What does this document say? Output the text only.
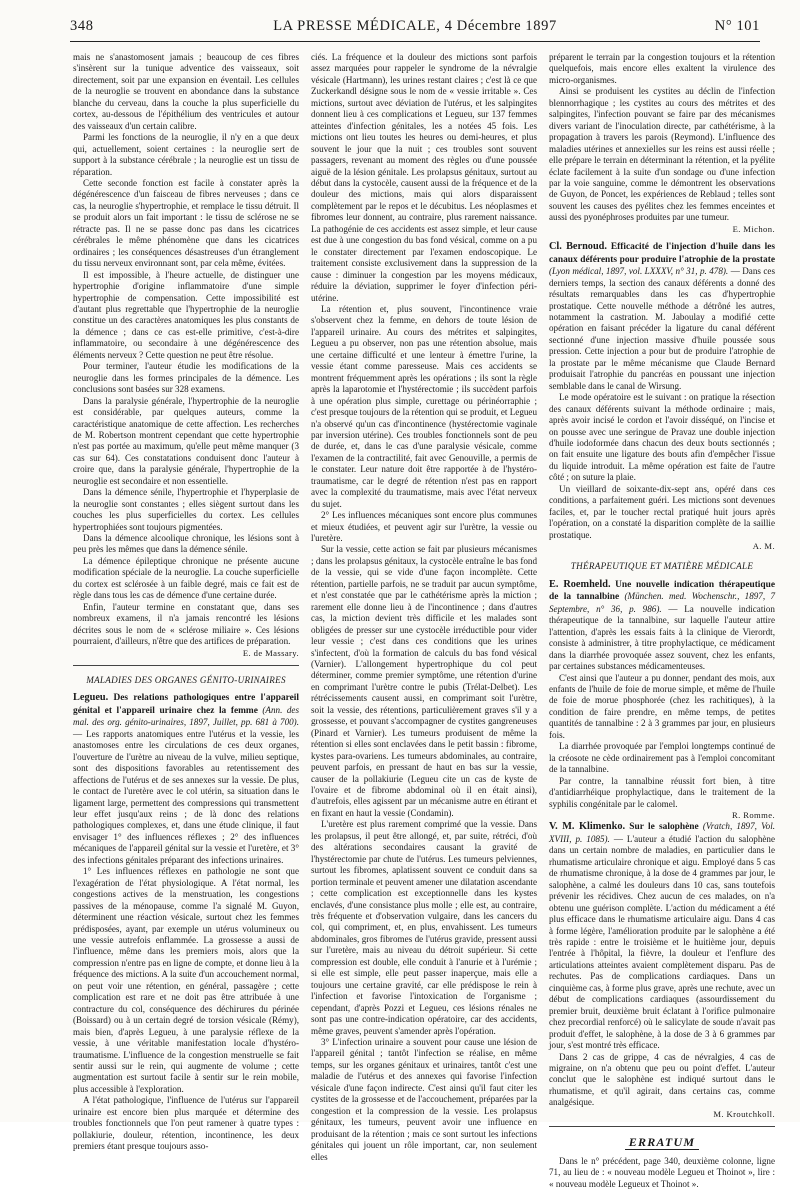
348	LA PRESSE MÉDICALE, 4 Décembre 1897	N° 101

mais ne s'anastomosent jamais ; beaucoup de ces fibres s'insèrent sur la tunique adventice des vaisseaux, soit directement, soit par une expansion en éventail. Les cellules de la neuroglie se trouvent en abondance dans la substance blanche du cerveau, dans la couche la plus superficielle du cortex, au-dessous de l'épithélium des ventricules et autour des vaisseaux d'un certain calibre.

Parmi les fonctions de la neuroglie, il n'y en a que deux qui, actuellement, soient certaines : la neuroglie sert de support à la substance cérébrale ; la neuroglie est un tissu de réparation.

Cette seconde fonction est facile à constater après la dégénérescence d'un faisceau de fibres nerveuses ; dans ce cas, la neuroglie s'hypertrophie, et remplace le tissu détruit. Il se produit alors un fait important : le tissu de sclérose ne se rétracte pas. Il ne se passe donc pas dans les cicatrices cérébrales le même phénomène que dans les cicatrices ordinaires ; les conséquences désastreuses d'un étranglement du tissu nerveux environnant sont, par cela même, évitées.

Il est impossible, à l'heure actuelle, de distinguer une hypertrophie d'origine inflammatoire d'une simple hypertrophie de compensation. Cette impossibilité est d'autant plus regrettable que l'hypertrophie de la neuroglie constitue un des caractères anatomiques les plus constants de la démence ; dans ce cas est-elle primitive, c'est-à-dire inflammatoire, ou secondaire à une dégénérescence des éléments nerveux ? Cette question ne peut être résolue.

Pour terminer, l'auteur étudie les modifications de la neuroglie dans les formes principales de la démence. Les conclusions sont basées sur 328 examens.

Dans la paralysie générale, l'hypertrophie de la neuroglie est considérable, par quelques auteurs, comme la caractéristique anatomique de cette affection. Les recherches de M. Robertson montrent cependant que cette hypertrophie n'est pas portée au maximum, qu'elle peut même manquer (3 cas sur 64). Ces constatations conduisent donc l'auteur à croire que, dans la paralysie générale, l'hypertrophie de la neuroglie est secondaire et non essentielle.

Dans la démence sénile, l'hypertrophie et l'hyperplasie de la neuroglie sont constantes ; elles siègent surtout dans les couches les plus superficielles du cortex. Les cellules hypertrophiées sont toujours pigmentées.

Dans la démence alcoolique chronique, les lésions sont à peu près les mêmes que dans la démence sénile.

La démence épileptique chronique ne présente aucune modification spéciale de la neuroglie. La couche superficielle du cortex est sclérosée à un faible degré, mais ce fait est de règle dans tous les cas de démence d'une certaine durée.

Enfin, l'auteur termine en constatant que, dans ses nombreux examens, il n'a jamais rencontré les lésions décrites sous le nom de « sclérose miliaire ». Ces lésions pourraient, d'ailleurs, n'être que des artifices de préparation.

E. de Massary.

MALADIES DES ORGANES GÉNITO-URINAIRES

Legueu. Des relations pathologiques entre l'appareil génital et l'appareil urinaire chez la femme (Ann. des mal. des org. génito-urinaires, 1897, Juillet, pp. 681 à 700). — Les rapports anatomiques entre l'utérus et la vessie, les anastomoses entre les circulations de ces deux organes, l'ouverture de l'urètre au niveau de la vulve, milieu septique, sont des dispositions favorables au retentissement des affections de l'utérus et de ses annexes sur la vessie. De plus, le contact de l'uretère avec le col utérin, sa situation dans le ligament large, permettent des compressions qui transmettent leur effet jusqu'aux reins ; de là donc des relations pathologiques complexes, et, dans une étude clinique, il faut envisager 1° des influences réflexes ; 2° des influences mécaniques de l'appareil génital sur la vessie et l'uretère, et 3° des infections génitales préparant des infections urinaires.

1° Les influences réflexes en pathologie ne sont que l'exagération de l'état physiologique. A l'état normal, les congestions actives de la menstruation, les congestions passives de la ménopause, comme l'a signalé M. Guyon, déterminent une réaction vésicale, surtout chez les femmes prédisposées, ayant, par exemple un utérus volumineux ou une vessie autrefois enflammée. La grossesse a aussi de l'influence, même dans les premiers mois, alors que la compression n'entre pas en ligne de compte, et donne lieu à la fréquence des mictions. A la suite d'un accouchement normal, on peut voir une rétention, en général, passagère ; cette complication est rare et ne doit pas être attribuée à une contracture du col, conséquence des déchirures du périnée (Boissard) ou à un certain degré de torsion vésicale (Rémy), mais bien, d'après Legueu, à une paralysie réflexe de la vessie, à une véritable manifestation locale d'hystéro-traumatisme. L'influence de la congestion menstruelle se fait sentir aussi sur le rein, qui augmente de volume ; cette augmentation est surtout facile à sentir sur le rein mobile, plus accessible à l'exploration.

A l'état pathologique, l'influence de l'utérus sur l'appareil urinaire est encore bien plus marquée et détermine des troubles fonctionnels que l'on peut ramener à quatre types : pollakiurie, douleur, rétention, incontinence, les deux premiers étant presque toujours asso-

ciés. La fréquence et la douleur des mictions sont parfois assez marquées pour rappeler le syndrome de la névralgie vésicale (Hartmann), les urines restant claires ; c'est là ce que Zuckerkandl désigne sous le nom de « vessie irritable ». Ces mictions, surtout avec déviation de l'utérus, et les salpingites donnent lieu à ces complications et Legueu, sur 137 femmes atteintes d'infection génitales, les a notées 45 fois. Les mictions ont lieu toutes les heures ou demi-heures, et plus souvent le jour que la nuit ; ces troubles sont souvent passagers, revenant au moment des règles ou d'une poussée aiguë de la lésion génitale. Les prolapsus génitaux, surtout au début dans la cystocèle, causent aussi de la fréquence et de la douleur des mictions, mais qui alors disparaissent complètement par le repos et le décubitus. Les néoplasmes et fibromes leur donnent, au contraire, plus rarement naissance. La pathogénie de ces accidents est assez simple, et leur cause est due à une congestion du bas fond vésical, comme on a pu le constater directement par l'examen endoscopique. Le traitement consiste exclusivement dans la suppression de la cause : diminuer la congestion par les moyens médicaux, réduire la déviation, supprimer le foyer d'infection péri-utérine.

La rétention et, plus souvent, l'incontinence vraie s'observent chez la femme, en dehors de toute lésion de l'appareil urinaire. Au cours des métrites et salpingites, Legueu a pu observer, non pas une rétention absolue, mais une certaine difficulté et une lenteur à émettre l'urine, la vessie étant comme paresseuse. Mais ces accidents se montrent fréquemment après les opérations ; ils sont la règle après la laparotomie et l'hystérectomie ; ils succèdent parfois à une opération plus simple, curettage ou périnéorraphie ; c'est presque toujours de la rétention qui se produit, et Legueu n'a observé qu'un cas d'incontinence (hystérectomie vaginale par inversion utérine). Ces troubles fonctionnels sont de peu de durée, et, dans le cas d'une paralysie vésicale, comme l'examen de la contractilité, fait avec Genouville, a permis de le constater. Leur nature doit être rapportée à de l'hystéro-traumatisme, car le degré de rétention n'est pas en rapport avec la complexité du traumatisme, mais avec l'état nerveux du sujet.

2° Les influences mécaniques sont encore plus communes et mieux étudiées, et peuvent agir sur l'urètre, la vessie ou l'uretère.

Sur la vessie, cette action se fait par plusieurs mécanismes ; dans les prolapsus génitaux, la cystocèle entraîne le bas fond de la vessie, qui se vide d'une façon incomplète. Cette rétention, partielle parfois, ne se traduit par aucun symptôme, et n'est constatée que par le cathétérisme après la miction ; rarement elle donne lieu à de l'incontinence ; dans d'autres cas, la miction devient très difficile et les malades sont obligées de presser sur une cystocèle irréductible pour vider leur vessie ; c'est dans ces conditions que les urines s'infectent, d'où la formation de calculs du bas fond vésical (Varnier). L'allongement hypertrophique du col peut déterminer, comme premier symptôme, une rétention d'urine en comprimant l'urètre contre le pubis (Trélat-Delbet). Les rétrécissements causent aussi, en comprimant soit l'urètre, soit la vessie, des rétentions, particulièrement graves s'il y a grossesse, et pouvant s'accompagner de cystites gangreneuses (Pinard et Varnier). Les tumeurs produisent de même la rétention si elles sont enclavées dans le petit bassin : fibrome, kystes para-ovariens. Les tumeurs abdominales, au contraire, peuvent parfois, en pressant de haut en bas sur la vessie, causer de la pollakiurie (Legueu cite un cas de kyste de l'ovaire et de fibrome abdominal où il en était ainsi), d'autrefois, elles agissent par un mécanisme autre en étirant et en fixant en haut la vessie (Condamin).

L'uretère est plus rarement comprimé que la vessie. Dans les prolapsus, il peut être allongé, et, par suite, rétréci, d'où des altérations secondaires causant la gravité de l'hystérectomie par chute de l'utérus. Les tumeurs pelviennes, surtout les fibromes, aplatissent souvent ce conduit dans sa portion terminale et peuvent amener une dilatation ascendante ; cette complication est exceptionnelle dans les kystes enclavés, d'une consistance plus molle ; elle est, au contraire, très fréquente et d'observation vulgaire, dans les cancers du col, qui compriment, et, en plus, envahissent. Les tumeurs abdominales, gros fibromes de l'utérus gravide, pressent aussi sur l'uretère, mais au niveau du détroit supérieur. Si cette compression est double, elle conduit à l'anurie et à l'urémie ; si elle est simple, elle peut passer inaperçue, mais elle a toujours une certaine gravité, car elle prédispose le rein à l'infection et favorise l'intoxication de l'organisme ; cependant, d'après Pozzi et Legueu, ces lésions rénales ne sont pas une contre-indication opératoire, car des accidents, même graves, peuvent s'amender après l'opération.

3° L'infection urinaire a souvent pour cause une lésion de l'appareil génital ; tantôt l'infection se réalise, en même temps, sur les organes génitaux et urinaires, tantôt c'est une maladie de l'utérus et des annexes qui favorise l'infection vésicale d'une façon indirecte. C'est ainsi qu'il faut citer les cystites de la grossesse et de l'accouchement, préparées par la congestion et la compression de la vessie. Les prolapsus génitaux, les tumeurs, peuvent avoir une influence en produisant de la rétention ; mais ce sont surtout les infections génitales qui jouent un rôle important, car, non seulement elles

préparent le terrain par la congestion toujours et la rétention quelquefois, mais encore elles exaltent la virulence des micro-organismes.

Ainsi se produisent les cystites au déclin de l'infection blennorrhagique ; les cystites au cours des métrites et des salpingites, l'infection pouvant se faire par des mécanismes divers variant de l'inoculation directe, par cathétérisme, à la propagation à travers les parois (Reymond). L'influence des maladies utérines et annexielles sur les reins est aussi réelle ; elle prépare le terrain en déterminant la rétention, et la pyélite éclate facilement à la suite d'un sondage ou d'une infection par la voie sanguine, comme le démontrent les observations de Guyon, de Poncet, les expériences de Reblaud ; telles sont souvent les causes des pyélites chez les femmes enceintes et aussi des pyonéphroses produites par une tumeur.

E. Michon.

Cl. Bernoud. Efficacité de l'injection d'huile dans les canaux déférents pour produire l'atrophie de la prostate (Lyon médical, 1897, vol. LXXXV, n° 31, p. 478). — Dans ces derniers temps, la section des canaux déférents a donné des résultats remarquables dans les cas d'hypertrophie prostatique. Cette nouvelle méthode a détrôné les autres, notamment la castration. M. Jaboulay a modifié cette opération en faisant précéder la ligature du canal déférent sectionné d'une injection massive d'huile poussée sous pression. Cette injection a pour but de produire l'atrophie de la prostate par le même mécanisme que Claude Bernard produisait l'atrophie du pancréas en poussant une injection semblable dans le canal de Wirsung.

Le mode opératoire est le suivant : on pratique la résection des canaux déférents suivant la méthode ordinaire ; mais, après avoir incisé le cordon et l'avoir disséqué, on l'incise et on pousse avec une seringue de Pravaz une double injection d'huile iodoformée dans chacun des deux bouts sectionnés ; on fait ensuite une ligature des bouts afin d'empêcher l'issue du liquide introduit. La même opération est faite de l'autre côté ; on suture la plaie.

Un vieillard de soixante-dix-sept ans, opéré dans ces conditions, a parfaitement guéri. Les mictions sont devenues faciles, et, par le toucher rectal pratiqué huit jours après l'opération, on a constaté la disparition complète de la saillie prostatique.

A. M.

THÉRAPEUTIQUE ET MATIÈRE MÉDICALE

E. Roemheld. Une nouvelle indication thérapeutique de la tannalbine (München. med. Wochenschr., 1897, 7 Septembre, n° 36, p. 986). — La nouvelle indication thérapeutique de la tannalbine, sur laquelle l'auteur attire l'attention, d'après les essais faits à la clinique de Vierordt, consiste à administrer, à titre prophylactique, ce médicament dans la diarrhée provoquée assez souvent, chez les enfants, par certaines substances médicamenteuses.

C'est ainsi que l'auteur a pu donner, pendant des mois, aux enfants de l'huile de foie de morue simple, et même de l'huile de foie de morue phosphorée (chez les rachitiques), à la condition de faire prendre, en même temps, de petites quantités de tannalbine : 2 à 3 grammes par jour, en plusieurs fois.

La diarrhée provoquée par l'emploi longtemps continué de la créosote ne cède ordinairement pas à l'emploi concomitant de la tannalbine.

Par contre, la tannalbine réussit fort bien, à titre d'antidiarrhéique prophylactique, dans le traitement de la syphilis congénitale par le calomel.

R. Romme.

V. M. Klimenko. Sur le salophène (Vratch, 1897, Vol. XVIII, p. 1085). — L'auteur a étudié l'action du salophène dans un certain nombre de maladies, en particulier dans le rhumatisme articulaire chronique et aigu. Employé dans 5 cas de rhumatisme chronique, à la dose de 4 grammes par jour, le salophène, a calmé les douleurs dans 10 cas, sans toutefois prévenir les récidives. Chez aucun de ces malades, on n'a obtenu une guérison complète. L'action du médicament a été plus efficace dans le rhumatisme articulaire aigu. Dans 4 cas à forme légère, l'amélioration produite par le salophène a été très rapide : entre le troisième et le huitième jour, depuis l'entrée à l'hôpital, la fièvre, la douleur et l'enflure des articulations atteintes avaient complètement disparu. Pas de rechutes. Pas de complications cardiaques. Dans un cinquième cas, à forme plus grave, après une rechute, avec un début de complications cardiaques (assourdissement du premier bruit, deuxième bruit éclatant à l'orifice pulmonaire chez precordial renforcé) où le salicylate de soude n'avait pas produit d'effet, le salophène, à la dose de 3 à 6 grammes par jour, s'est montré très efficace.

Dans 2 cas de grippe, 4 cas de névralgies, 4 cas de migraine, on n'a obtenu que peu ou point d'effet. L'auteur conclut que le salophène est indiqué surtout dans le rhumatisme, et qu'il agirait, dans certains cas, comme analgésique.

M. Kroutchkoll.

ERRATUM

Dans le n° précédent, page 340, deuxième colonne, ligne 71, au lieu de : « nouveau modèle Legueu et Thoinot », lire : « nouveau modèle Legueux et Thoinot ».
